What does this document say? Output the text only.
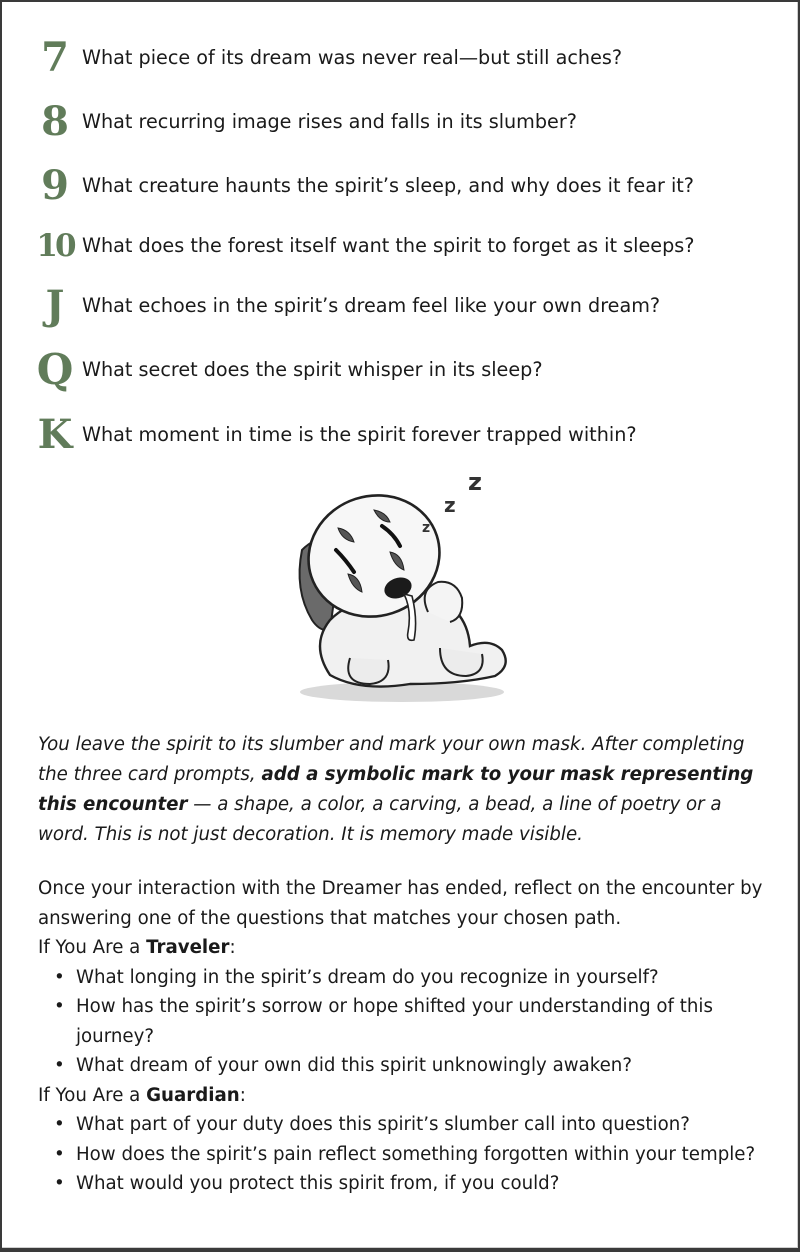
7 What piece of its dream was never real—but still aches?
8 What recurring image rises and falls in its slumber?
9 What creature haunts the spirit’s sleep, and why does it fear it?
10 What does the forest itself want the spirit to forget as it sleeps?
J What echoes in the spirit’s dream feel like your own dream?
Q What secret does the spirit whisper in its sleep?
K What moment in time is the spirit forever trapped within?
z
z
z
You leave the spirit to its slumber and mark your own mask. After completing the three card prompts, add a symbolic mark to your mask representing this encounter — a shape, a color, a carving, a bead, a line of poetry or a word. This is not just decoration. It is memory made visible.

Once your interaction with the Dreamer has ended, reflect on the encounter by answering one of the questions that matches your chosen path.

If You Are a Traveler:

• What longing in the spirit’s dream do you recognize in yourself?
• How has the spirit’s sorrow or hope shifted your understanding of this journey?
• What dream of your own did this spirit unknowingly awaken?

If You Are a Guardian:

• What part of your duty does this spirit’s slumber call into question?
• How does the spirit’s pain reflect something forgotten within your temple?
• What would you protect this spirit from, if you could?
